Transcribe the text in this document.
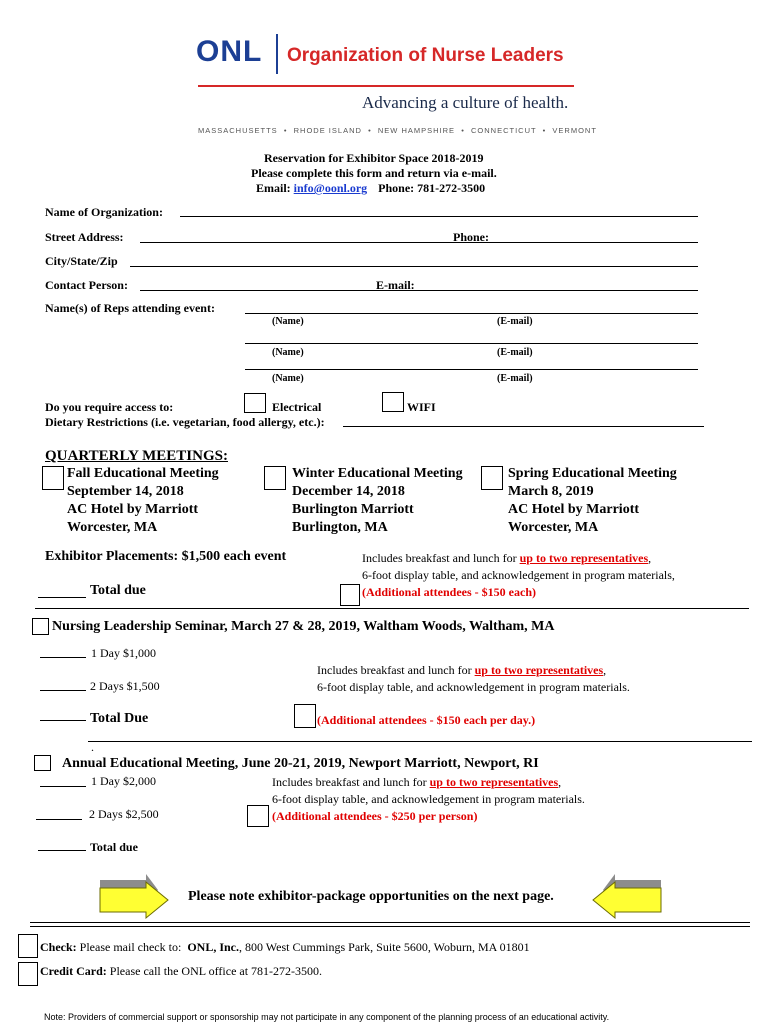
ONL Organization of Nurse Leaders
Advancing a culture of health.
MASSACHUSETTS  •  RHODE ISLAND  •  NEW HAMPSHIRE  •  CONNECTICUT  •  VERMONT
Reservation for Exhibitor Space 2018-2019
Please complete this form and return via e-mail.
Email: info@oonl.org Phone: 781-272-3500
Name of Organization:
Street Address:	Phone:
City/State/Zip
Contact Person:	E-mail:
Name(s) of Reps attending event:
(Name)	(E-mail)
(Name)	(E-mail)
(Name)	(E-mail)
Do you require access to:	Electrical	WIFI
Dietary Restrictions (i.e. vegetarian, food allergy, etc.):
QUARTERLY MEETINGS:
Fall Educational Meeting
September 14, 2018
AC Hotel by Marriott
Worcester, MA
Winter Educational Meeting
December 14, 2018
Burlington Marriott
Burlington, MA
Spring Educational Meeting
March 8, 2019
AC Hotel by Marriott
Worcester, MA
Exhibitor Placements: $1,500 each event	Includes breakfast and lunch for up to two representatives,
6-foot display table, and acknowledgement in program materials,
(Additional attendees - $150 each)
Total due
Nursing Leadership Seminar, March 27 & 28, 2019, Waltham Woods, Waltham, MA
1 Day $1,000
Includes breakfast and lunch for up to two representatives,
6-foot display table, and acknowledgement in program materials.
2 Days $1,500
Total Due	(Additional attendees - $150 each per day.)
.
Annual Educational Meeting, June 20-21, 2019, Newport Marriott, Newport, RI
1 Day $2,000	Includes breakfast and lunch for up to two representatives,
6-foot display table, and acknowledgement in program materials.
(Additional attendees - $250 per person)
2 Days $2,500
Total due
Please note exhibitor-package opportunities on the next page.
Check: Please mail check to:  ONL, Inc., 800 West Cummings Park, Suite 5600, Woburn, MA 01801
Credit Card: Please call the ONL office at 781-272-3500.
Note: Providers of commercial support or sponsorship may not participate in any component of the planning process of an educational activity.
